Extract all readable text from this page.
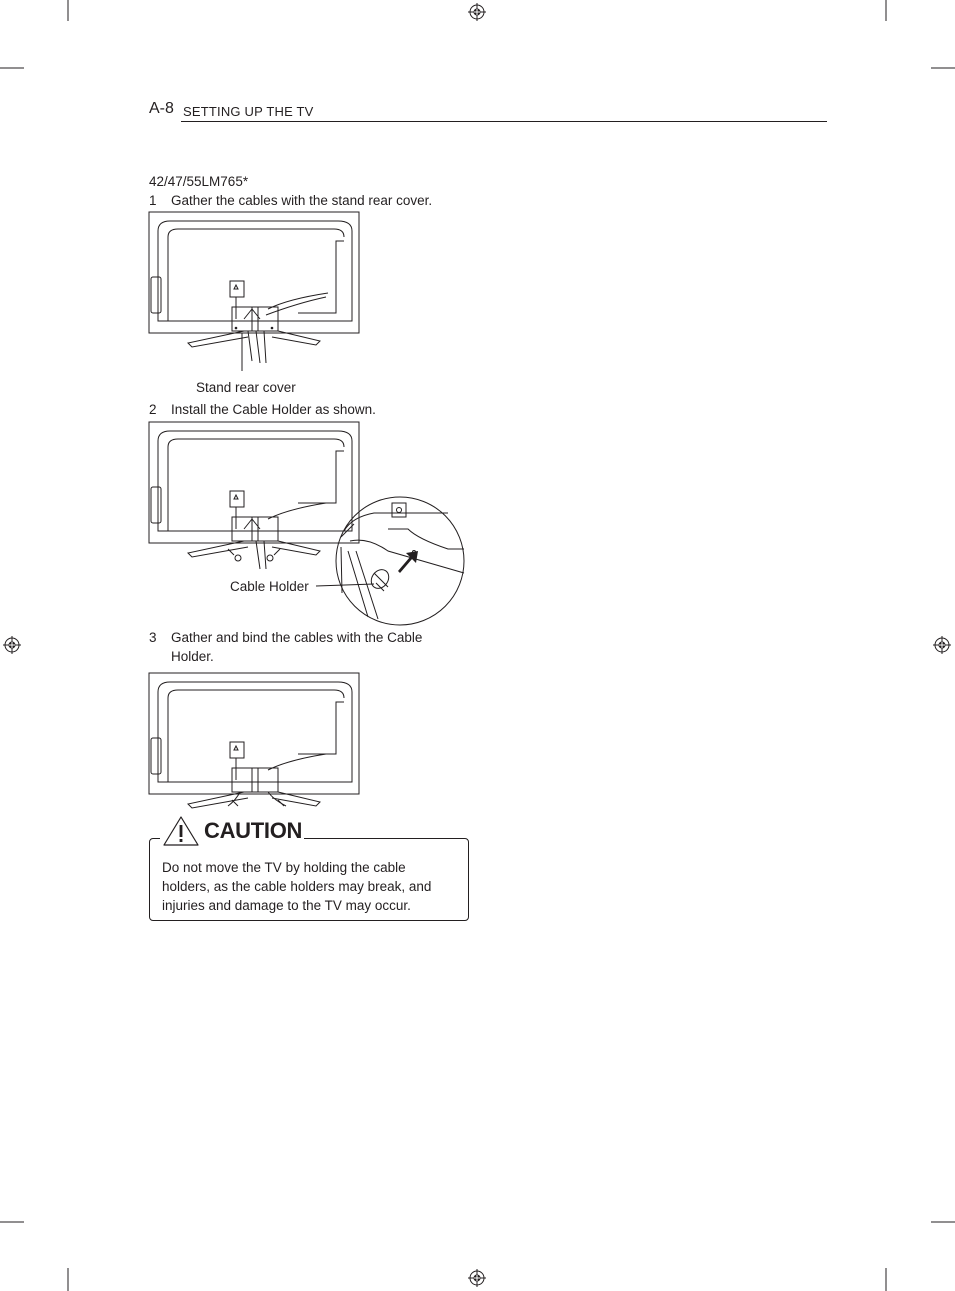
A-8 SETTING UP THE TV
42/47/55LM765*
1 Gather the cables with the stand rear cover.
Stand rear cover
2 Install the Cable Holder as shown.
Cable Holder
3 Gather and bind the cables with the Cable
Holder.
CAUTION

Do not move the TV by holding the cable

holders, as the cable holders may break, and

injuries and damage to the TV may occur.
